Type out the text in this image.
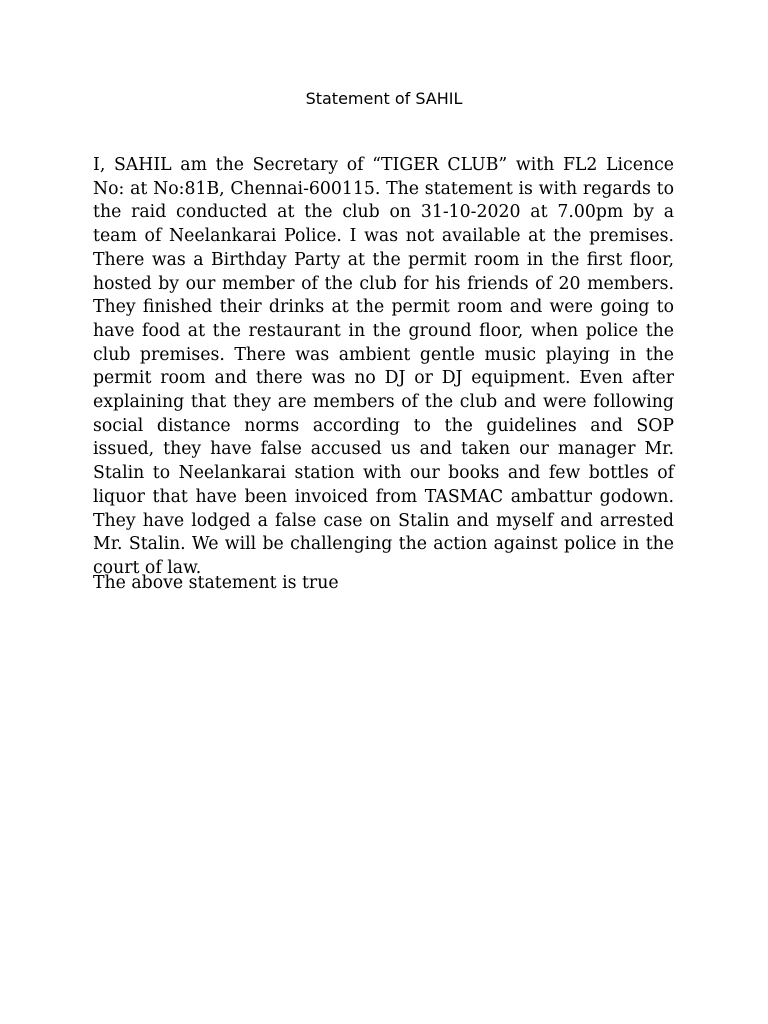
Statement of SAHIL

I, SAHIL am the Secretary of “TIGER CLUB” with FL2 Licence No: at No:81B, Chennai-600115. The statement is with regards to the raid conducted at the club on 31-10-2020 at 7.00pm by a team of Neelankarai Police. I was not available at the premises. There was a Birthday Party at the permit room in the first floor, hosted by our member of the club for his friends of 20 members. They finished their drinks at the permit room and were going to have food at the restaurant in the ground floor, when police the club premises. There was ambient gentle music playing in the permit room and there was no DJ or DJ equipment. Even after explaining that they are members of the club and were following social distance norms according to the guidelines and SOP issued, they have false accused us and taken our manager Mr. Stalin to Neelankarai station with our books and few bottles of liquor that have been invoiced from TASMAC ambattur godown. They have lodged a false case on Stalin and myself and arrested Mr. Stalin. We will be challenging the action against police in the court of law.

The above statement is true
